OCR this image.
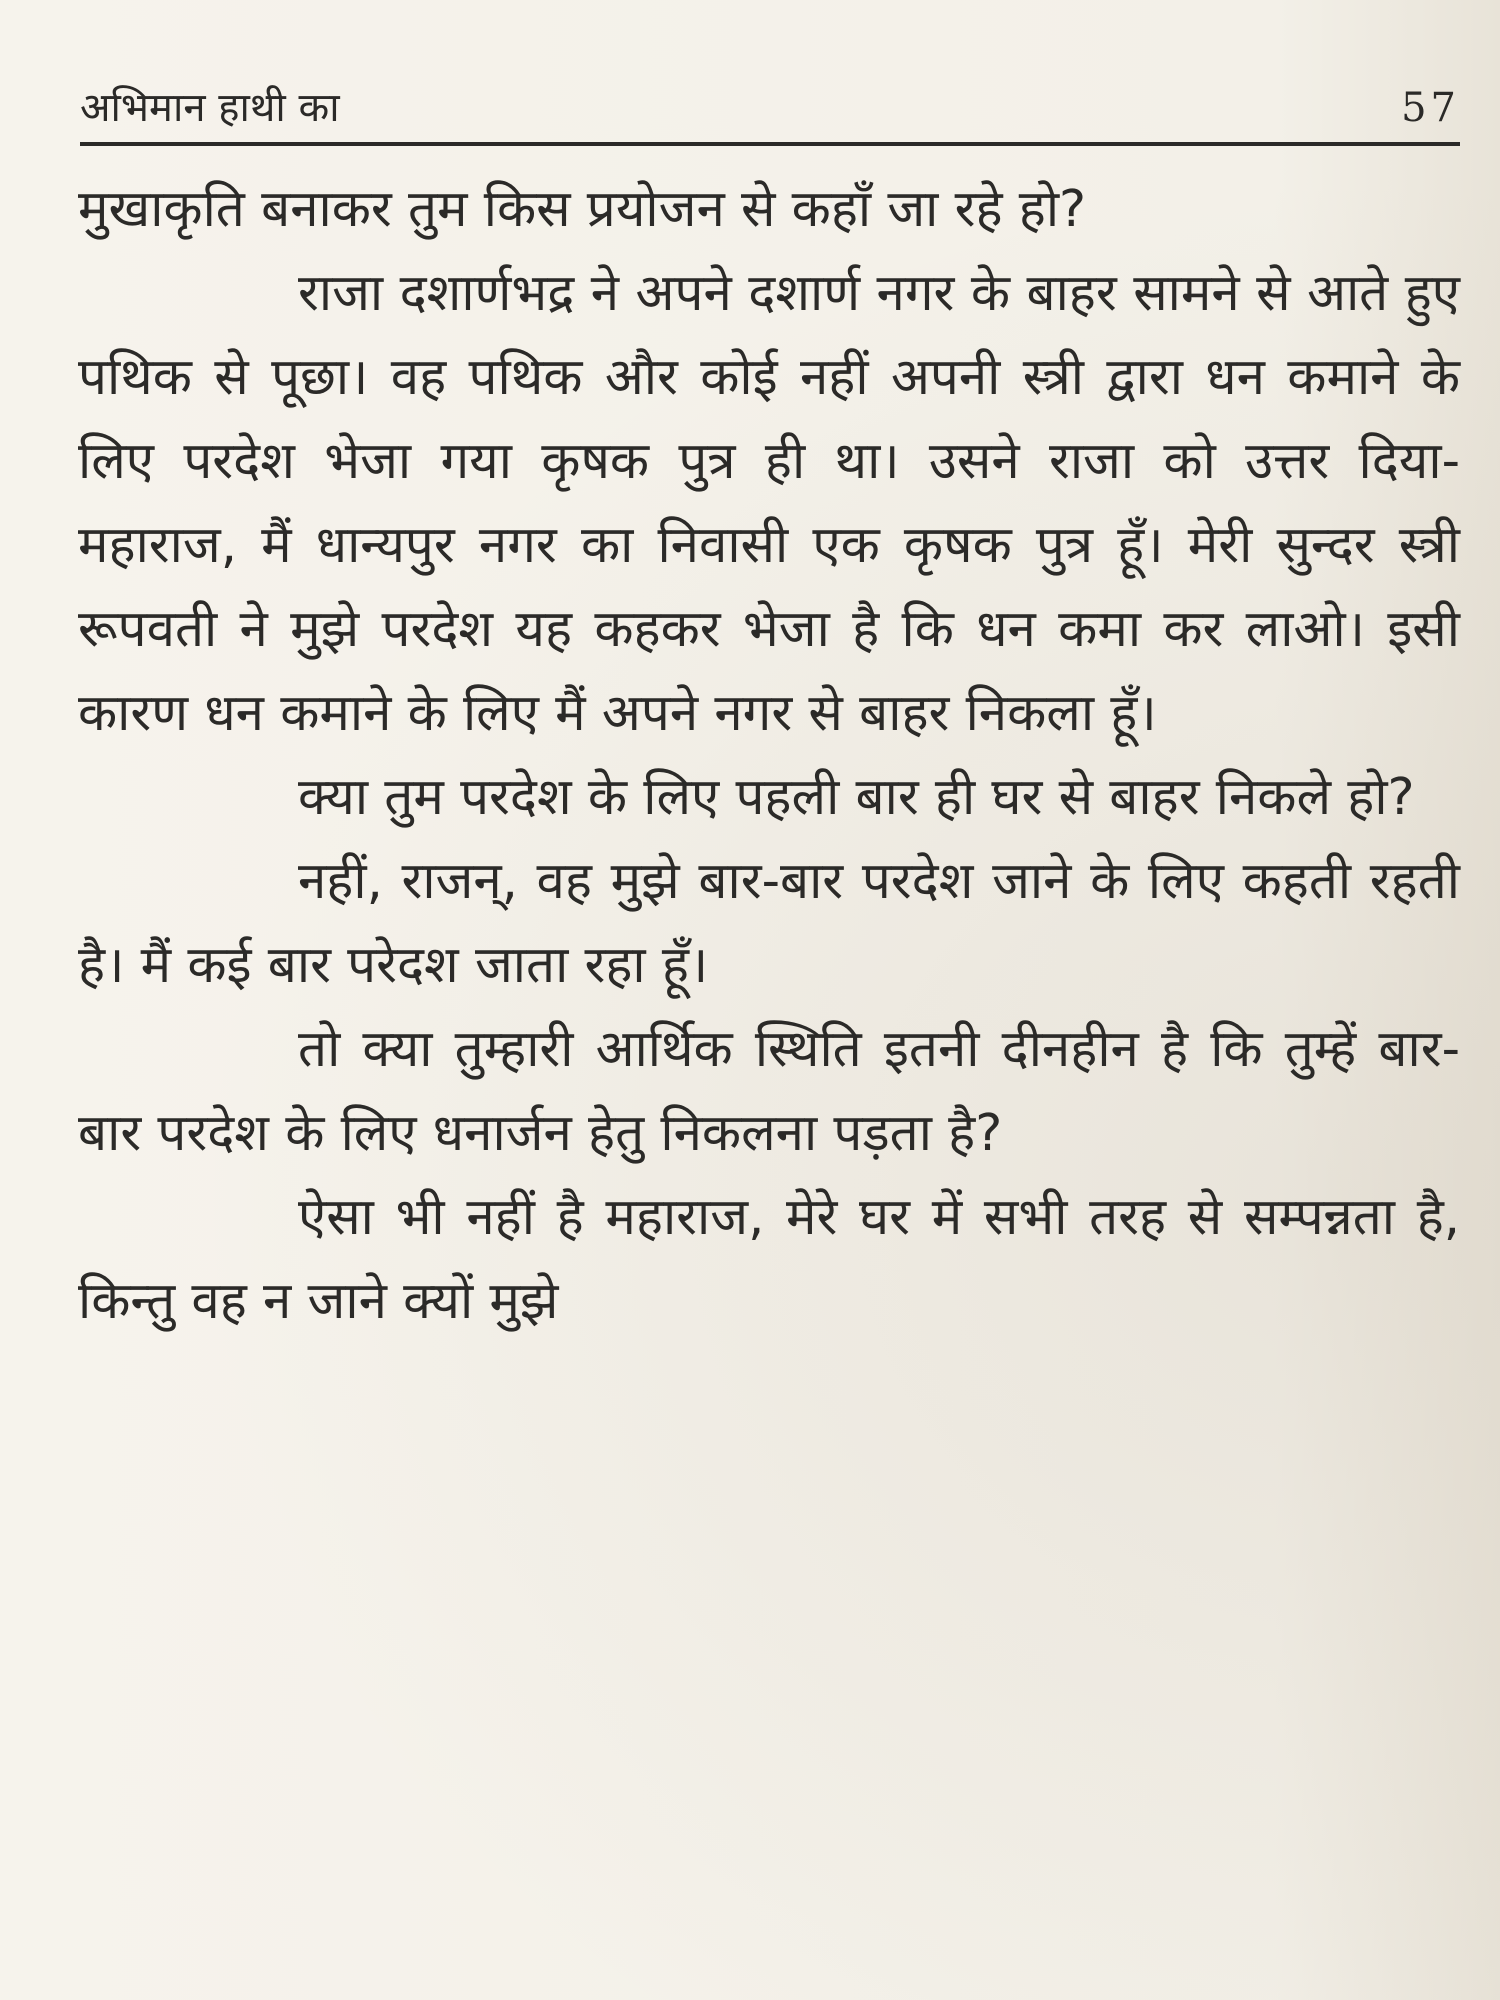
अभिमान हाथी का	57

मुखाकृति बनाकर तुम किस प्रयोजन से कहाँ जा रहे हो?

राजा दशार्णभद्र ने अपने दशार्ण नगर के बाहर सामने से आते हुए पथिक से पूछा। वह पथिक और कोई नहीं अपनी स्त्री द्वारा धन कमाने के लिए परदेश भेजा गया कृषक पुत्र ही था। उसने राजा को उत्तर दिया- महाराज, मैं धान्यपुर नगर का निवासी एक कृषक पुत्र हूँ। मेरी सुन्दर स्त्री रूपवती ने मुझे परदेश यह कहकर भेजा है कि धन कमा कर लाओ। इसी कारण धन कमाने के लिए मैं अपने नगर से बाहर निकला हूँ।

क्या तुम परदेश के लिए पहली बार ही घर से बाहर निकले हो?

नहीं, राजन्, वह मुझे बार-बार परदेश जाने के लिए कहती रहती है। मैं कई बार परेदश जाता रहा हूँ।

तो क्या तुम्हारी आर्थिक स्थिति इतनी दीनहीन है कि तुम्हें बार-बार परदेश के लिए धनार्जन हेतु निकलना पड़ता है?

ऐसा भी नहीं है महाराज, मेरे घर में सभी तरह से सम्पन्नता है, किन्तु वह न जाने क्यों मुझे
